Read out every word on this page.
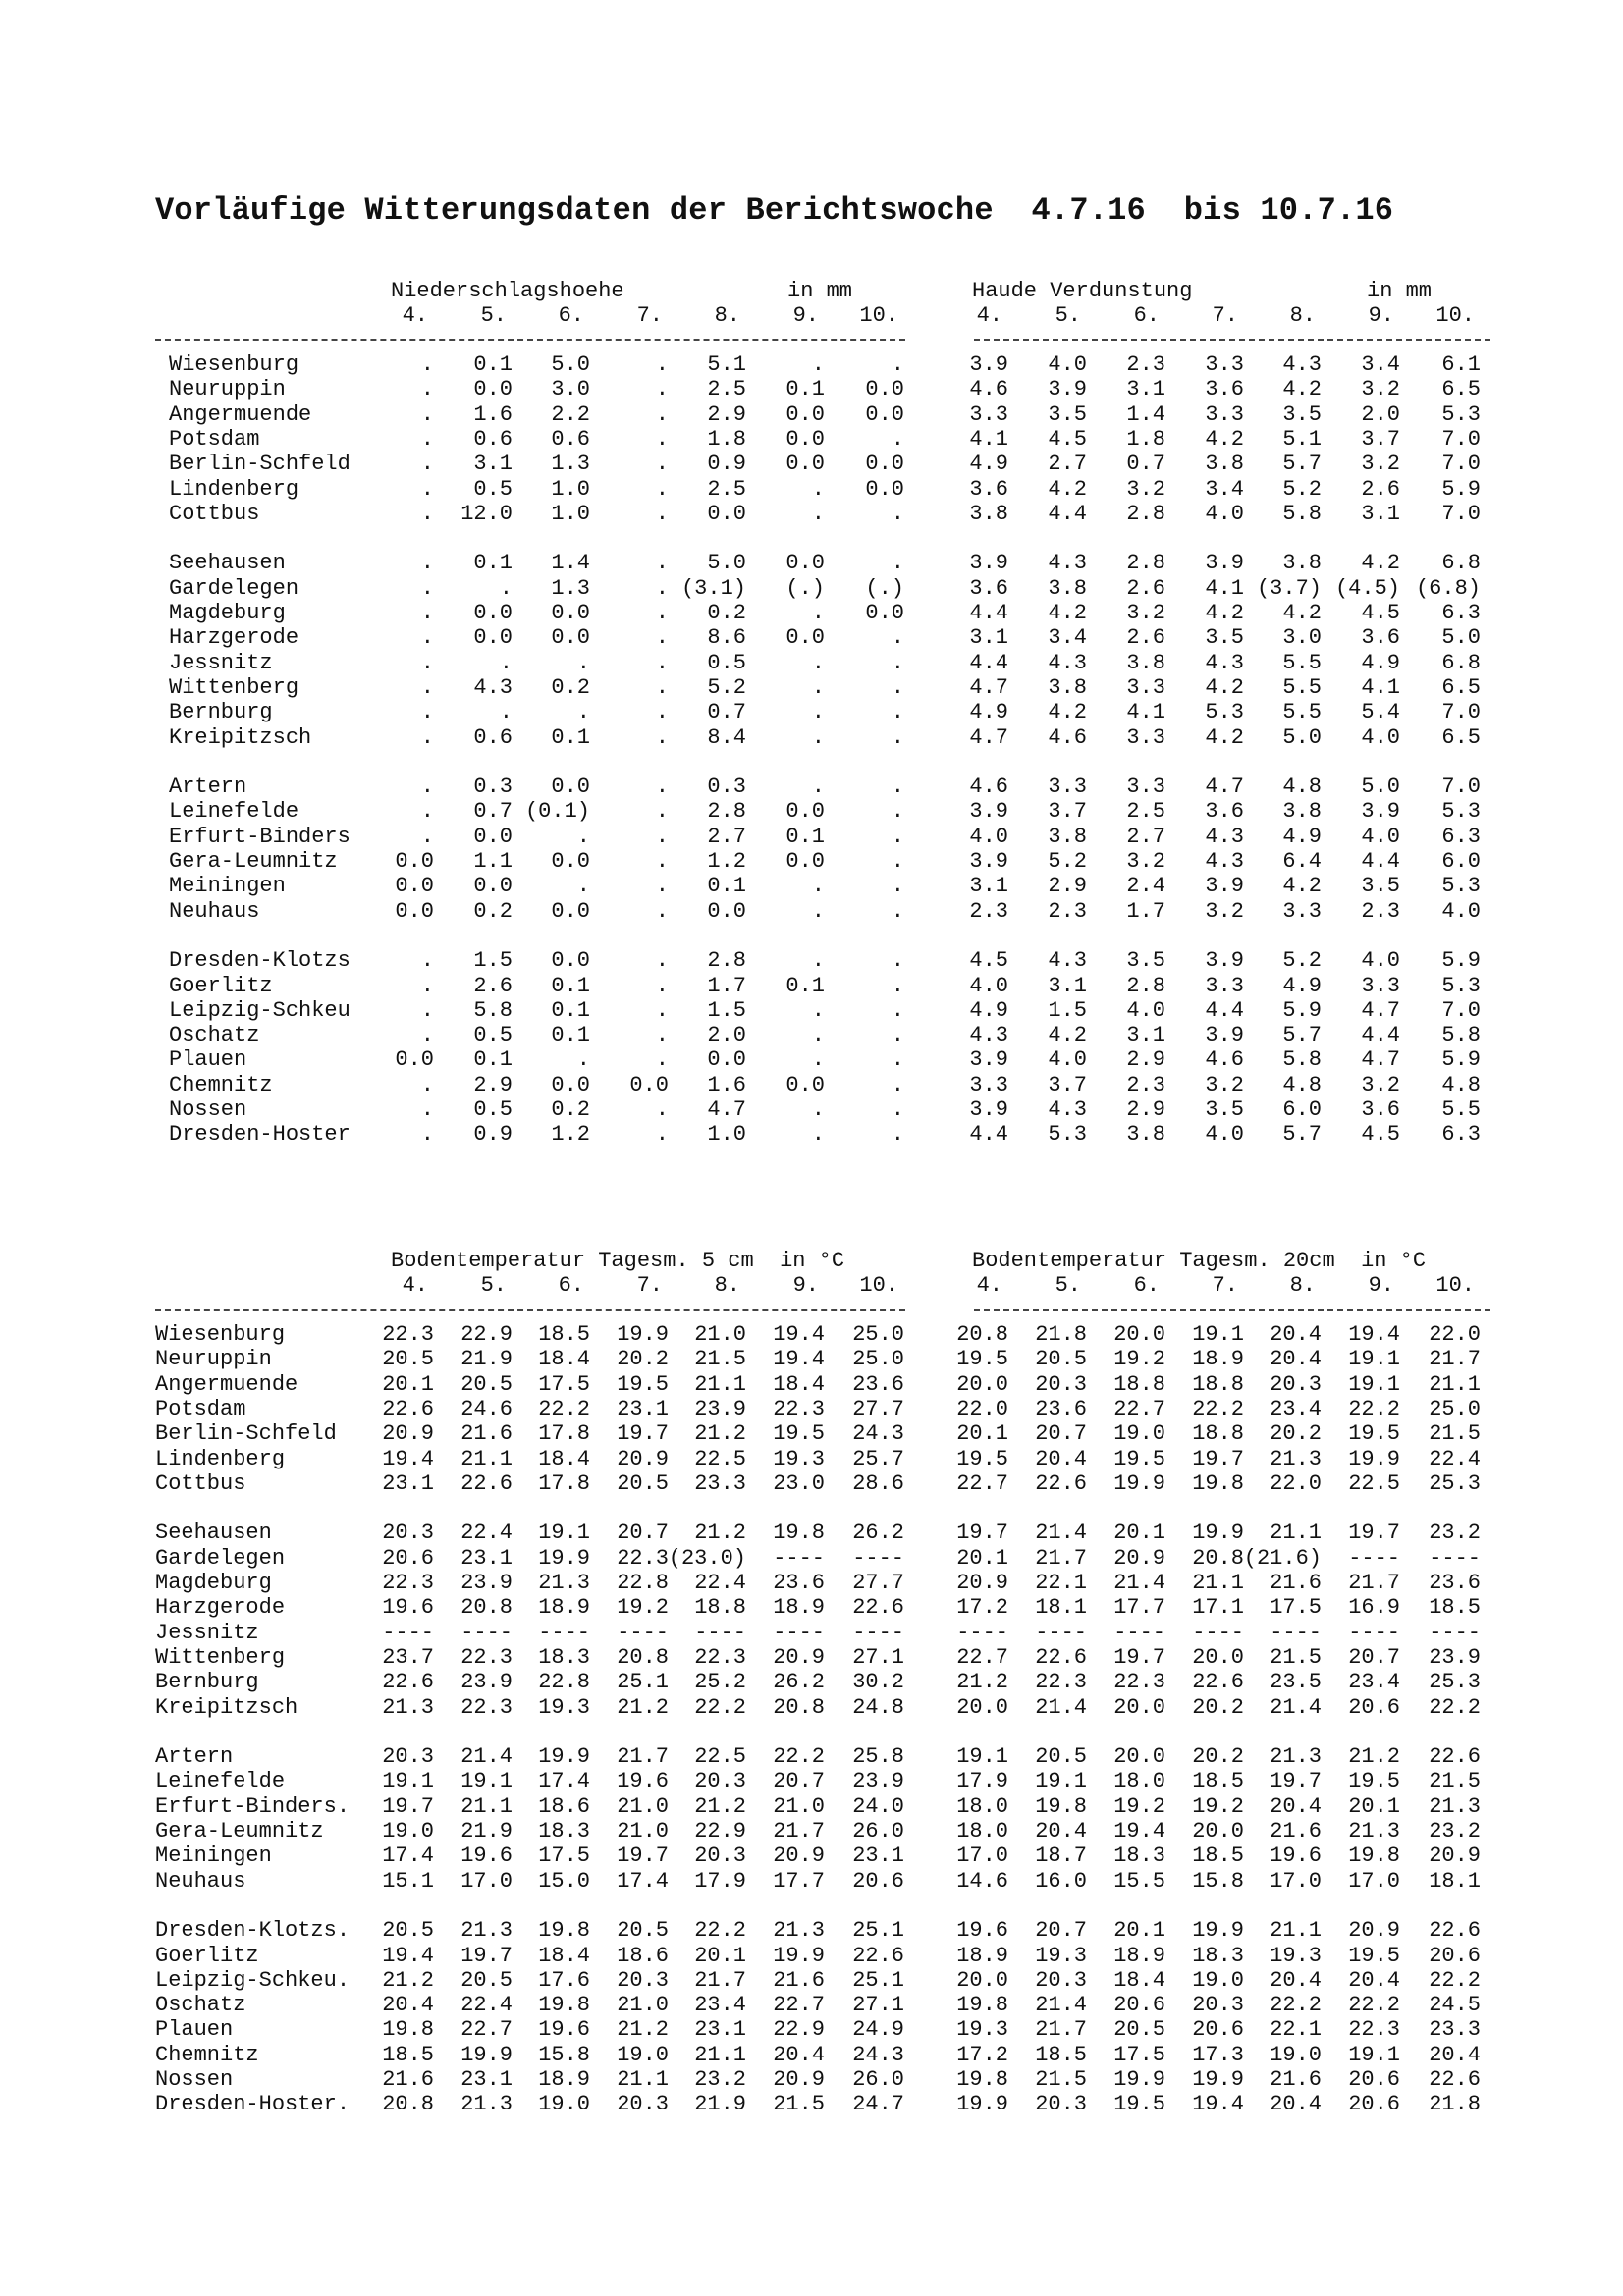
Vorläufige Witterungsdaten der Berichtswoche  4.7.16  bis 10.7.16
Niederschlagshoehe	in mm	Haude Verdunstung	in mm
Bodentemperatur Tagesm. 5 cm  in °C	Bodentemperatur Tagesm. 20cm  in °C
4.	5.	6.	7.	8.	9.	10.	4.	5.	6.	7.	8.	9.	10.
Wiesenburg	.	0.1	5.0	.	5.1	.	.	3.9	4.0	2.3	3.3	4.3	3.4	6.1
Neuruppin	.	0.0	3.0	.	2.5	0.1	0.0	4.6	3.9	3.1	3.6	4.2	3.2	6.5
Angermuende	.	1.6	2.2	.	2.9	0.0	0.0	3.3	3.5	1.4	3.3	3.5	2.0	5.3
Potsdam	.	0.6	0.6	.	1.8	0.0	.	4.1	4.5	1.8	4.2	5.1	3.7	7.0
Berlin-Schfeld	.	3.1	1.3	.	0.9	0.0	0.0	4.9	2.7	0.7	3.8	5.7	3.2	7.0
Lindenberg	.	0.5	1.0	.	2.5	.	0.0	3.6	4.2	3.2	3.4	5.2	2.6	5.9
Cottbus	.	12.0	1.0	.	0.0	.	.	3.8	4.4	2.8	4.0	5.8	3.1	7.0
Seehausen	.	0.1	1.4	.	5.0	0.0	.	3.9	4.3	2.8	3.9	3.8	4.2	6.8
Gardelegen	.	.	1.3	. (3.1)	(.)	(.)	3.6	3.8	2.6	4.1 (3.7) (4.5) (6.8)
Magdeburg	.	0.0	0.0	.	0.2	.	0.0	4.4	4.2	3.2	4.2	4.2	4.5	6.3
Harzgerode	.	0.0	0.0	.	8.6	0.0	.	3.1	3.4	2.6	3.5	3.0	3.6	5.0
Jessnitz	.	.	.	.	0.5	.	.	4.4	4.3	3.8	4.3	5.5	4.9	6.8
Wittenberg	.	4.3	0.2	.	5.2	.	.	4.7	3.8	3.3	4.2	5.5	4.1	6.5
Bernburg	.	.	.	.	0.7	.	.	4.9	4.2	4.1	5.3	5.5	5.4	7.0
Kreipitzsch	.	0.6	0.1	.	8.4	.	.	4.7	4.6	3.3	4.2	5.0	4.0	6.5
Artern	.	0.3	0.0	.	0.3	.	.	4.6	3.3	3.3	4.7	4.8	5.0	7.0
Leinefelde	.	0.7 (0.1)	.	2.8	0.0	.	3.9	3.7	2.5	3.6	3.8	3.9	5.3
Erfurt-Binders	.	0.0	.	.	2.7	0.1	.	4.0	3.8	2.7	4.3	4.9	4.0	6.3
Gera-Leumnitz	0.0	1.1	0.0	.	1.2	0.0	.	3.9	5.2	3.2	4.3	6.4	4.4	6.0
Meiningen	0.0	0.0	.	.	0.1	.	.	3.1	2.9	2.4	3.9	4.2	3.5	5.3
Neuhaus	0.0	0.2	0.0	.	0.0	.	.	2.3	2.3	1.7	3.2	3.3	2.3	4.0
Dresden-Klotzs	.	1.5	0.0	.	2.8	.	.	4.5	4.3	3.5	3.9	5.2	4.0	5.9
Goerlitz	.	2.6	0.1	.	1.7	0.1	.	4.0	3.1	2.8	3.3	4.9	3.3	5.3
Leipzig-Schkeu	.	5.8	0.1	.	1.5	.	.	4.9	1.5	4.0	4.4	5.9	4.7	7.0
Oschatz	.	0.5	0.1	.	2.0	.	.	4.3	4.2	3.1	3.9	5.7	4.4	5.8
Plauen	0.0	0.1	.	.	0.0	.	.	3.9	4.0	2.9	4.6	5.8	4.7	5.9
Chemnitz	.	2.9	0.0	0.0	1.6	0.0	.	3.3	3.7	2.3	3.2	4.8	3.2	4.8
Nossen	.	0.5	0.2	.	4.7	.	.	3.9	4.3	2.9	3.5	6.0	3.6	5.5
Dresden-Hoster	.	0.9	1.2	.	1.0	.	.	4.4	5.3	3.8	4.0	5.7	4.5	6.3
4.	5.	6.	7.	8.	9.	10.	4.	5.	6.	7.	8.	9.	10.
Wiesenburg	22.3	22.9	18.5	19.9	21.0	19.4	25.0	20.8	21.8	20.0	19.1	20.4	19.4	22.0
Neuruppin	20.5	21.9	18.4	20.2	21.5	19.4	25.0	19.5	20.5	19.2	18.9	20.4	19.1	21.7
Angermuende	20.1	20.5	17.5	19.5	21.1	18.4	23.6	20.0	20.3	18.8	18.8	20.3	19.1	21.1
Potsdam	22.6	24.6	22.2	23.1	23.9	22.3	27.7	22.0	23.6	22.7	22.2	23.4	22.2	25.0
Berlin-Schfeld	20.9	21.6	17.8	19.7	21.2	19.5	24.3	20.1	20.7	19.0	18.8	20.2	19.5	21.5
Lindenberg	19.4	21.1	18.4	20.9	22.5	19.3	25.7	19.5	20.4	19.5	19.7	21.3	19.9	22.4
Cottbus	23.1	22.6	17.8	20.5	23.3	23.0	28.6	22.7	22.6	19.9	19.8	22.0	22.5	25.3
Seehausen	20.3	22.4	19.1	20.7	21.2	19.8	26.2	19.7	21.4	20.1	19.9	21.1	19.7	23.2
Gardelegen	20.6	23.1	19.9	22.3 (23.0)	----	----	20.1	21.7	20.9	20.8 (21.6)	----	----
Magdeburg	22.3	23.9	21.3	22.8	22.4	23.6	27.7	20.9	22.1	21.4	21.1	21.6	21.7	23.6
Harzgerode	19.6	20.8	18.9	19.2	18.8	18.9	22.6	17.2	18.1	17.7	17.1	17.5	16.9	18.5
Jessnitz	----	----	----	----	----	----	----	----	----	----	----	----	----	----
Wittenberg	23.7	22.3	18.3	20.8	22.3	20.9	27.1	22.7	22.6	19.7	20.0	21.5	20.7	23.9
Bernburg	22.6	23.9	22.8	25.1	25.2	26.2	30.2	21.2	22.3	22.3	22.6	23.5	23.4	25.3
Kreipitzsch	21.3	22.3	19.3	21.2	22.2	20.8	24.8	20.0	21.4	20.0	20.2	21.4	20.6	22.2
Artern	20.3	21.4	19.9	21.7	22.5	22.2	25.8	19.1	20.5	20.0	20.2	21.3	21.2	22.6
Leinefelde	19.1	19.1	17.4	19.6	20.3	20.7	23.9	17.9	19.1	18.0	18.5	19.7	19.5	21.5
Erfurt-Binders.	19.7	21.1	18.6	21.0	21.2	21.0	24.0	18.0	19.8	19.2	19.2	20.4	20.1	21.3
Gera-Leumnitz	19.0	21.9	18.3	21.0	22.9	21.7	26.0	18.0	20.4	19.4	20.0	21.6	21.3	23.2
Meiningen	17.4	19.6	17.5	19.7	20.3	20.9	23.1	17.0	18.7	18.3	18.5	19.6	19.8	20.9
Neuhaus	15.1	17.0	15.0	17.4	17.9	17.7	20.6	14.6	16.0	15.5	15.8	17.0	17.0	18.1
Dresden-Klotzs.	20.5	21.3	19.8	20.5	22.2	21.3	25.1	19.6	20.7	20.1	19.9	21.1	20.9	22.6
Goerlitz	19.4	19.7	18.4	18.6	20.1	19.9	22.6	18.9	19.3	18.9	18.3	19.3	19.5	20.6
Leipzig-Schkeu.	21.2	20.5	17.6	20.3	21.7	21.6	25.1	20.0	20.3	18.4	19.0	20.4	20.4	22.2
Oschatz	20.4	22.4	19.8	21.0	23.4	22.7	27.1	19.8	21.4	20.6	20.3	22.2	22.2	24.5
Plauen	19.8	22.7	19.6	21.2	23.1	22.9	24.9	19.3	21.7	20.5	20.6	22.1	22.3	23.3
Chemnitz	18.5	19.9	15.8	19.0	21.1	20.4	24.3	17.2	18.5	17.5	17.3	19.0	19.1	20.4
Nossen	21.6	23.1	18.9	21.1	23.2	20.9	26.0	19.8	21.5	19.9	19.9	21.6	20.6	22.6
Dresden-Hoster.	20.8	21.3	19.0	20.3	21.9	21.5	24.7	19.9	20.3	19.5	19.4	20.4	20.6	21.8
